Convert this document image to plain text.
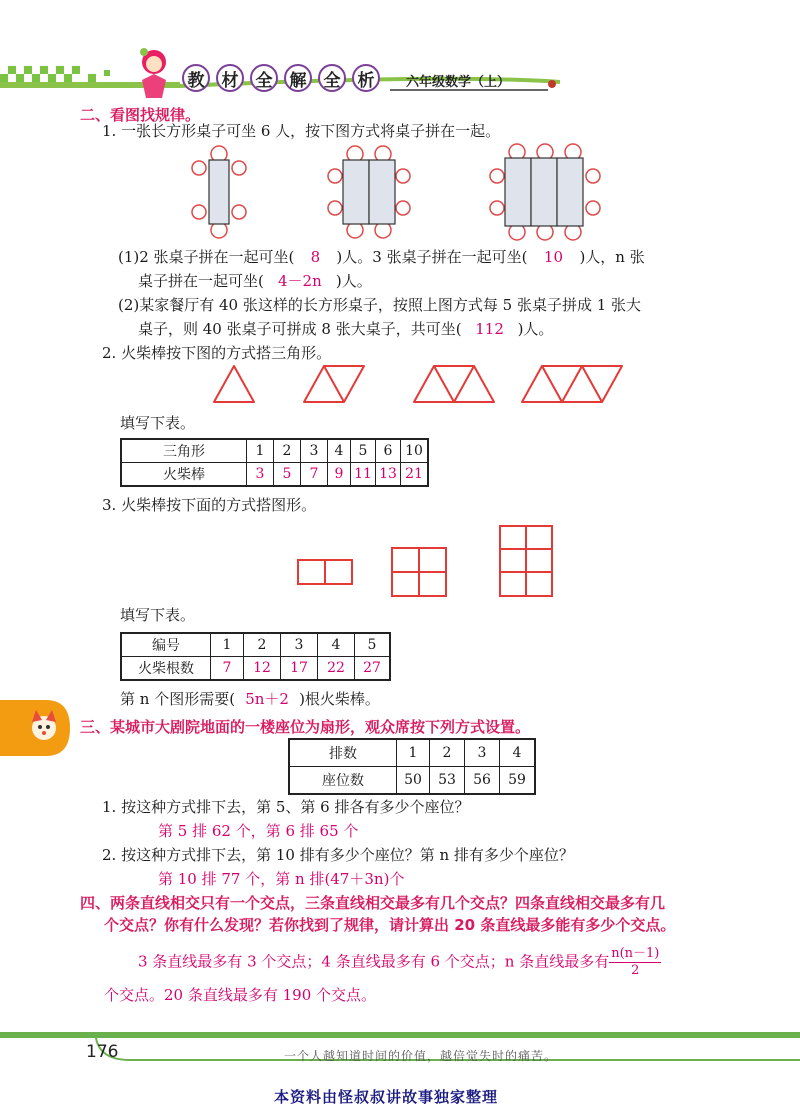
教	材	全	解	全	析	六年级数学（上）
二、看图找规律。
1. 一张长方形桌子可坐 6 人，按下图方式将桌子拼在一起。
(1)2 张桌子拼在一起可坐( 8 )人。3 张桌子拼在一起可坐( 10 )人，n 张
桌子拼在一起可坐( 4－2n )人。
(2)某家餐厅有 40 张这样的长方形桌子，按照上图方式每 5 张桌子拼成 1 张大
桌子，则 40 张桌子可拼成 8 张大桌子，共可坐( 112 )人。
2. 火柴棒按下图的方式搭三角形。
填写下表。
三角形	1	2	3	4	5	6	10
火柴棒	3	5	7	9	11	13	21
3. 火柴棒按下面的方式搭图形。
填写下表。
编号	1	2	3	4	5
火柴根数	7	12	17	22	27
第 n 个图形需要( 5n＋2 )根火柴棒。
三、某城市大剧院地面的一楼座位为扇形，观众席按下列方式设置。
排数	1	2	3	4
座位数	50	53	56	59
1. 按这种方式排下去，第 5、第 6 排各有多少个座位？
第 5 排 62 个，第 6 排 65 个
2. 按这种方式排下去，第 10 排有多少个座位？第 n 排有多少个座位？
第 10 排 77 个，第 n 排(47＋3n)个
四、两条直线相交只有一个交点，三条直线相交最多有几个交点？四条直线相交最多有几
个交点？你有什么发现？若你找到了规律，请计算出 20 条直线最多能有多少个交点。
3 条直线最多有 3 个交点；4 条直线最多有 6 个交点；n 条直线最多有 $\frac{n(n-1)}{2}$
个交点。20 条直线最多有 190 个交点。
176	一个人越知道时间的价值，越倍觉失时的痛苦。
本资料由怪叔叔讲故事独家整理
